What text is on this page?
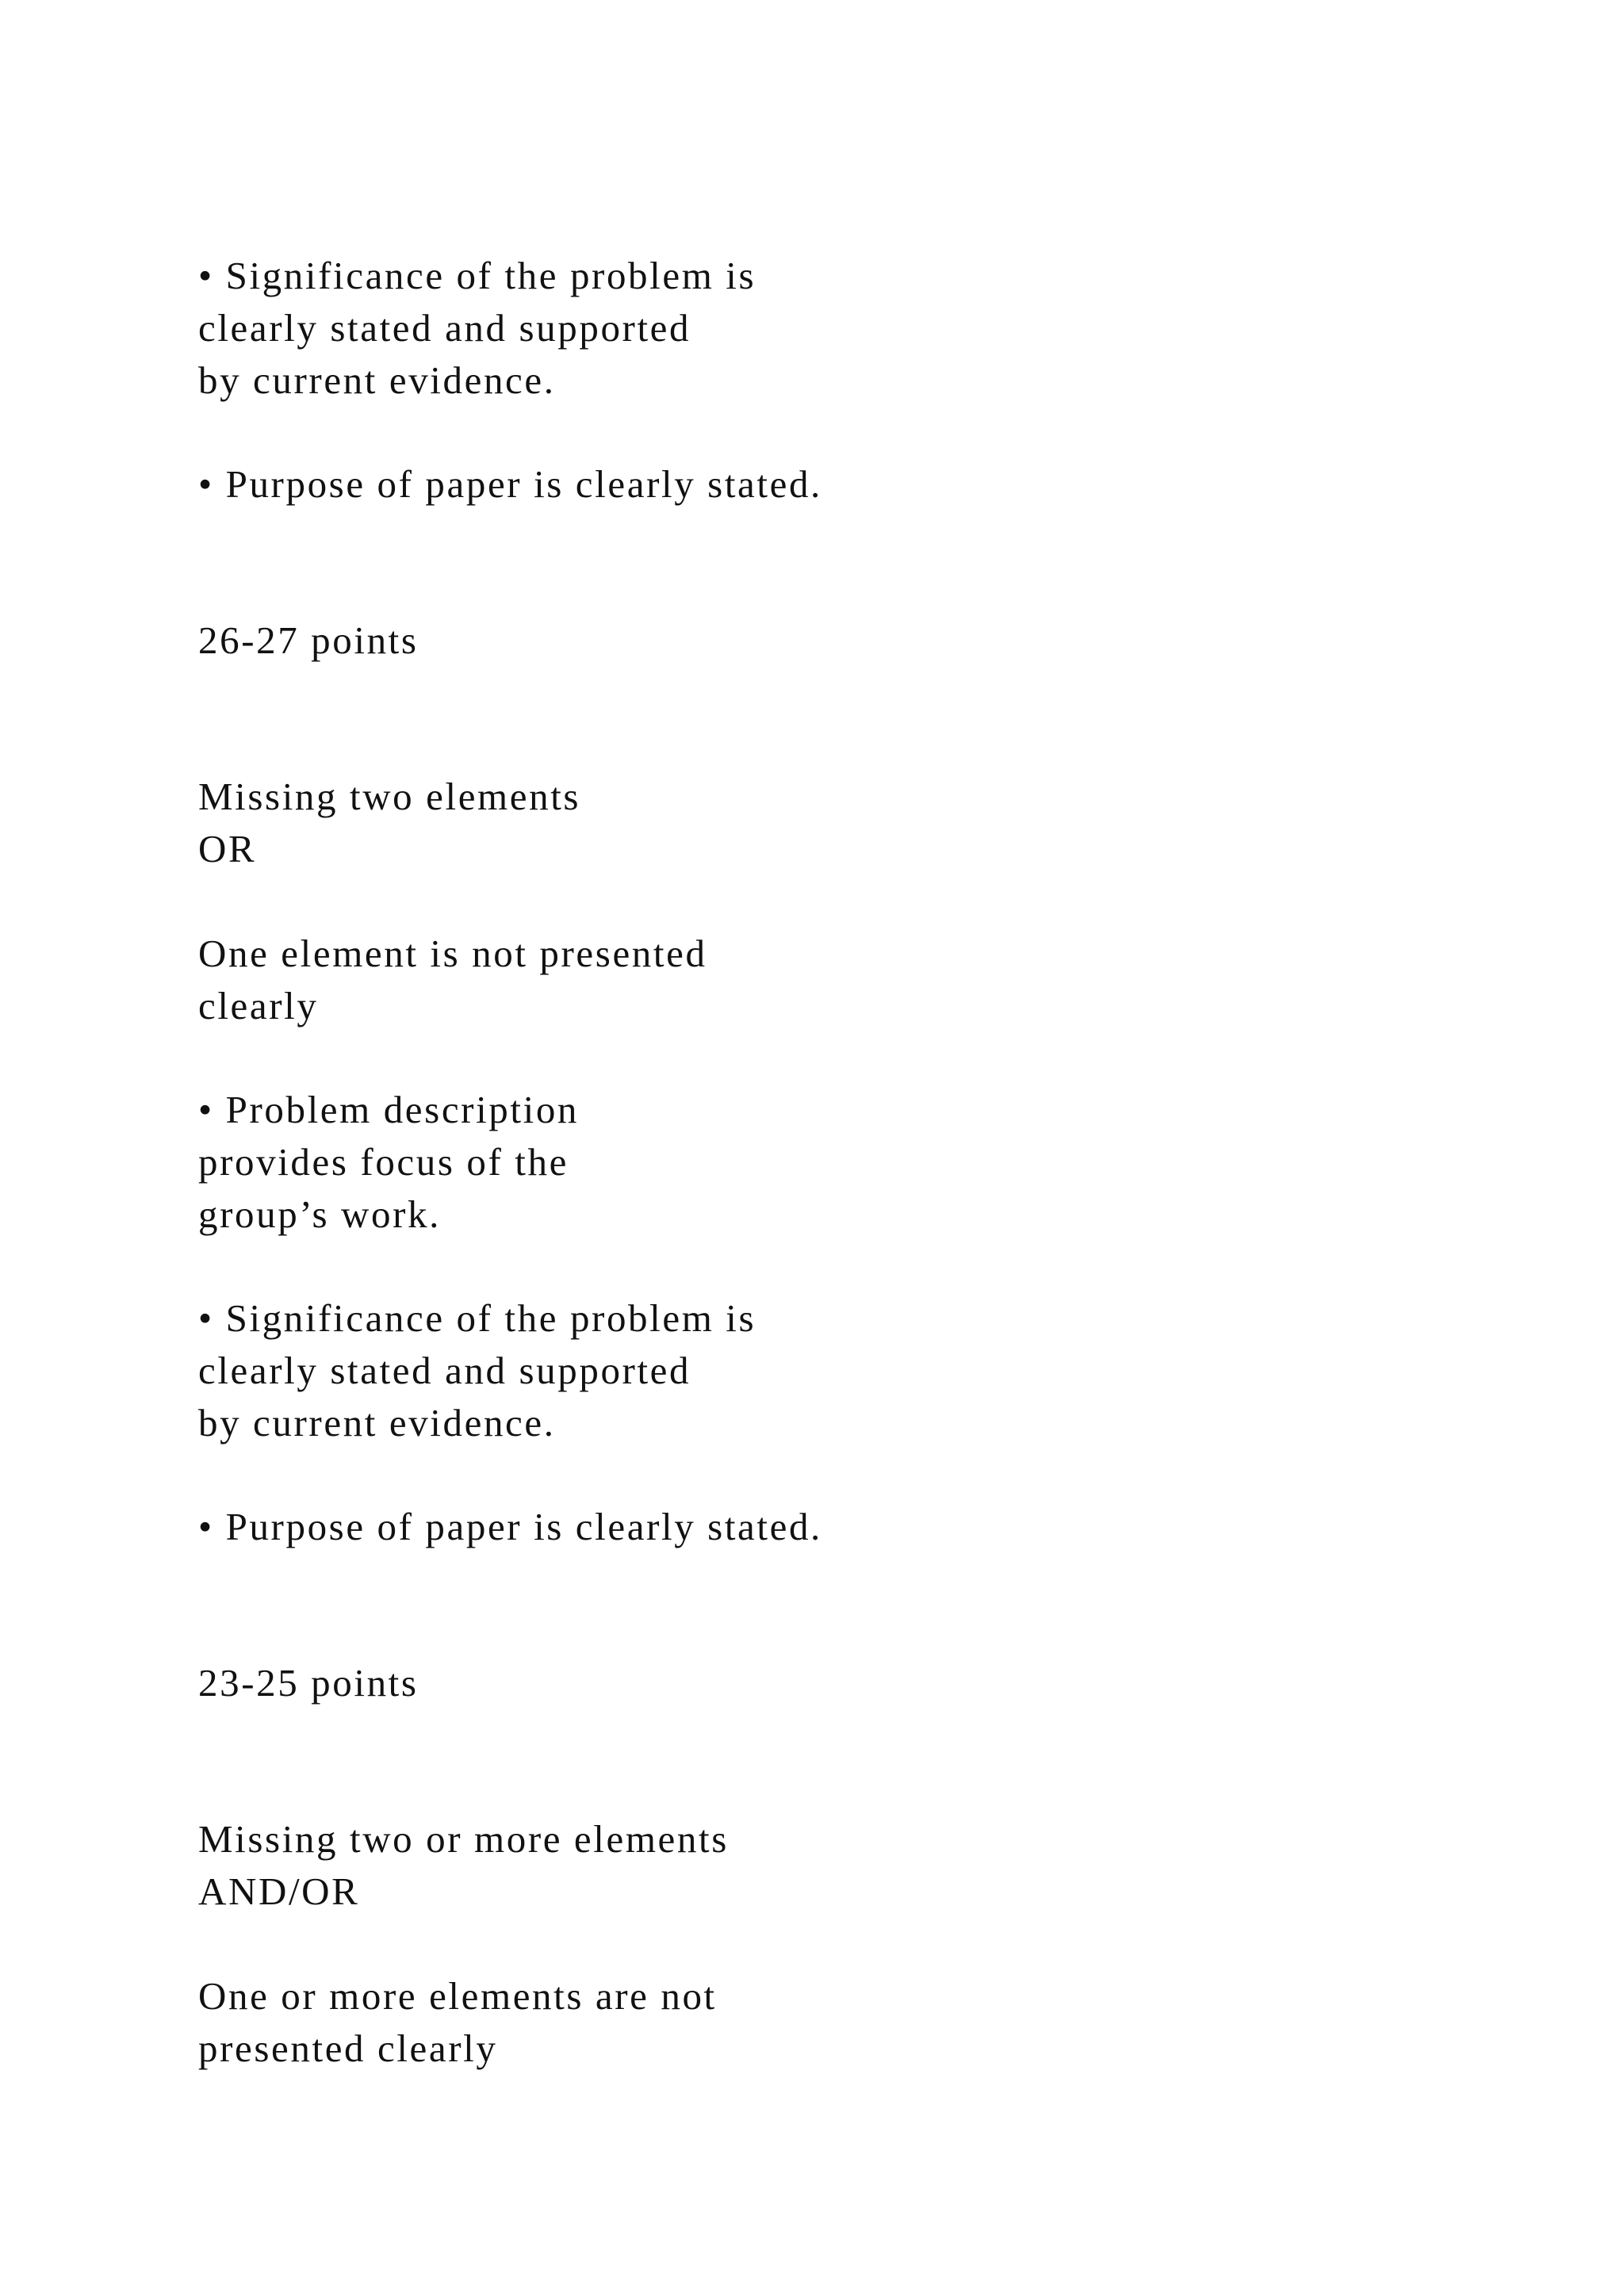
• Significance of the problem is

clearly stated and supported

by current evidence.

• Purpose of paper is clearly stated.

26-27 points

Missing two elements

OR

One element is not presented

clearly

• Problem description

provides focus of the

group’s work.

• Significance of the problem is

clearly stated and supported

by current evidence.

• Purpose of paper is clearly stated.

23-25 points

Missing two or more elements

AND/OR

One or more elements are not

presented clearly
